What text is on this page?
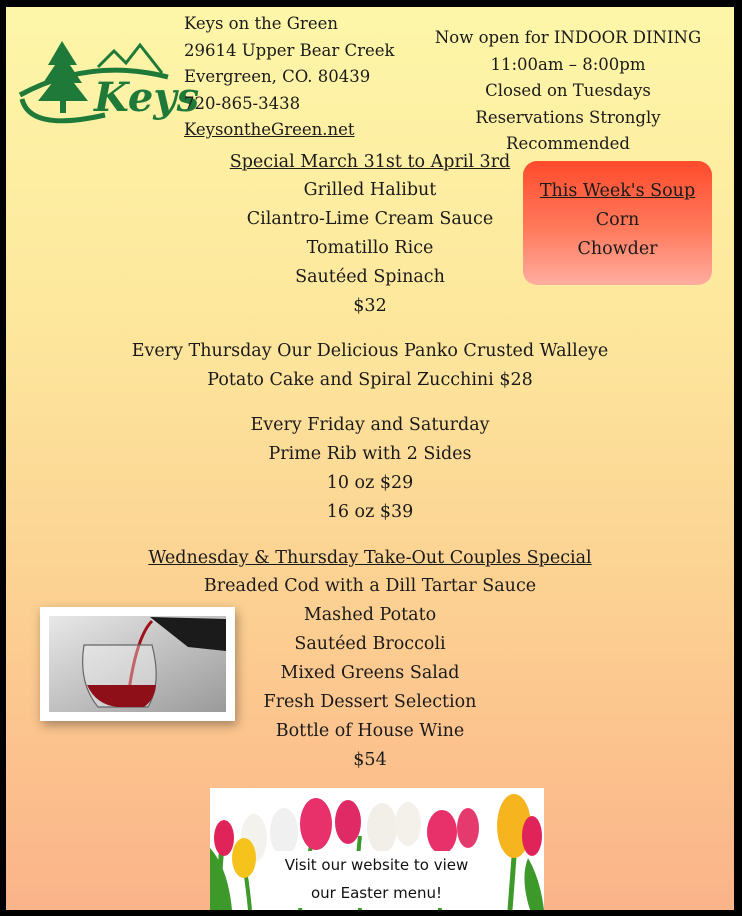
Keys
Keys on the Green
29614 Upper Bear Creek
Evergreen, CO. 80439
720-865-3438
KeysontheGreen.net
Now open for INDOOR DINING
11:00am – 8:00pm
Closed on Tuesdays
Reservations Strongly Recommended
Special March 31st to April 3rd
Grilled Halibut
Cilantro-Lime Cream Sauce
Tomatillo Rice
Sautéed Spinach
$32
This Week's Soup
Corn
Chowder
Every Thursday Our Delicious Panko Crusted Walleye
Potato Cake and Spiral Zucchini $28
Every Friday and Saturday
Prime Rib with 2 Sides
10 oz $29
16 oz $39
Wednesday & Thursday Take-Out Couples Special
Breaded Cod with a Dill Tartar Sauce
Mashed Potato
Sautéed Broccoli
Mixed Greens Salad
Fresh Dessert Selection
Bottle of House Wine
$54
Visit our website to view
our Easter menu!
